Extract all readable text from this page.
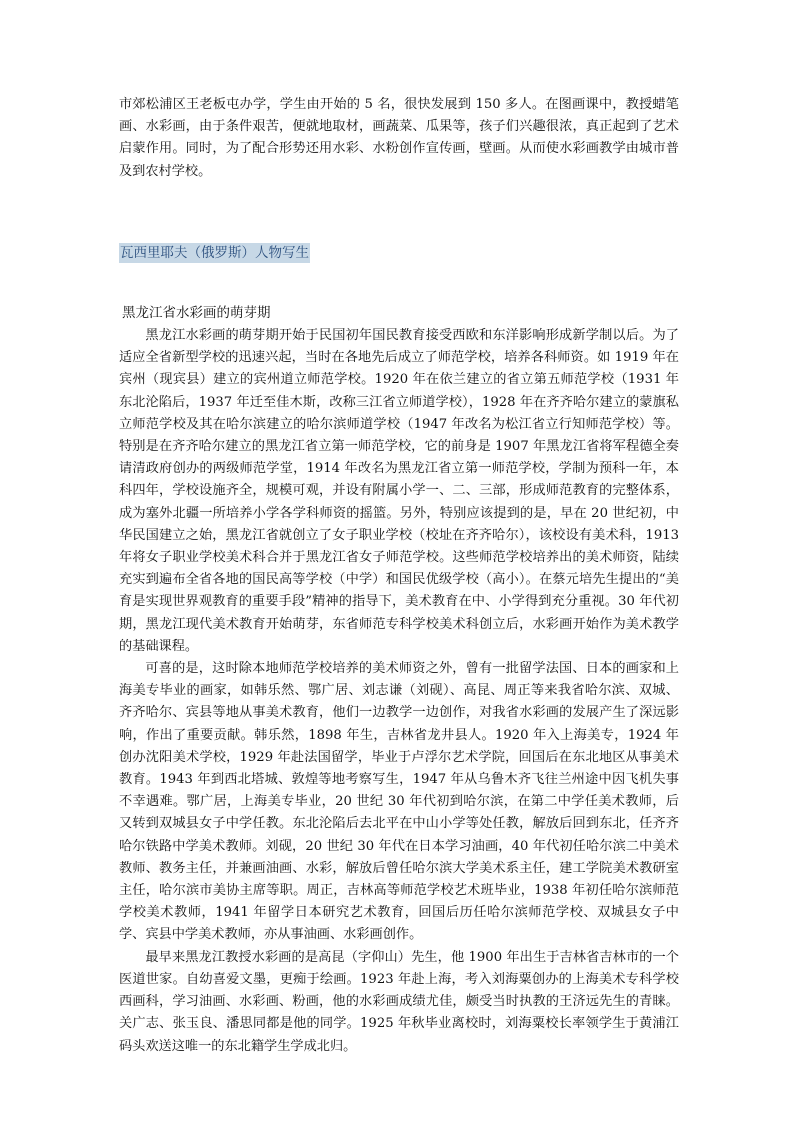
市郊松浦区王老板屯办学，学生由开始的 5 名，很快发展到 150 多人。在图画课中，教授蜡笔画、水彩画，由于条件艰苦，便就地取材，画蔬菜、瓜果等，孩子们兴趣很浓，真正起到了艺术启蒙作用。同时，为了配合形势还用水彩、水粉创作宣传画，壁画。从而使水彩画教学由城市普及到农村学校。

瓦西里耶夫（俄罗斯）人物写生
黑龙江省水彩画的萌芽期

黑龙江水彩画的萌芽期开始于民国初年国民教育接受西欧和东洋影响形成新学制以后。为了适应全省新型学校的迅速兴起，当时在各地先后成立了师范学校，培养各科师资。如 1919 年在宾州（现宾县）建立的宾州道立师范学校。1920 年在依兰建立的省立第五师范学校（1931 年东北沦陷后，1937 年迁至佳木斯，改称三江省立师道学校），1928 年在齐齐哈尔建立的蒙旗私立师范学校及其在哈尔滨建立的哈尔滨师道学校（1947 年改名为松江省立行知师范学校）等。特别是在齐齐哈尔建立的黑龙江省立第一师范学校，它的前身是 1907 年黑龙江省将军程德全奏请清政府创办的两级师范学堂，1914 年改名为黑龙江省立第一师范学校，学制为预科一年，本科四年，学校设施齐全，规模可观，并设有附属小学一、二、三部，形成师范教育的完整体系，成为塞外北疆一所培养小学各学科师资的摇篮。另外，特别应该提到的是，早在 20 世纪初，中华民国建立之始，黑龙江省就创立了女子职业学校（校址在齐齐哈尔），该校设有美术科，1913 年将女子职业学校美术科合并于黑龙江省女子师范学校。这些师范学校培养出的美术师资，陆续充实到遍布全省各地的国民高等学校（中学）和国民优级学校（高小）。在蔡元培先生提出的“美育是实现世界观教育的重要手段”精神的指导下，美术教育在中、小学得到充分重视。30 年代初期，黑龙江现代美术教育开始萌芽，东省师范专科学校美术科创立后，水彩画开始作为美术教学的基础课程。

可喜的是，这时除本地师范学校培养的美术师资之外，曾有一批留学法国、日本的画家和上海美专毕业的画家，如韩乐然、鄂广居、刘志谦（刘砚）、高昆、周正等来我省哈尔滨、双城、齐齐哈尔、宾县等地从事美术教育，他们一边教学一边创作，对我省水彩画的发展产生了深远影响，作出了重要贡献。韩乐然，1898 年生，吉林省龙井县人。1920 年入上海美专，1924 年创办沈阳美术学校，1929 年赴法国留学，毕业于卢浮尔艺术学院，回国后在东北地区从事美术教育。1943 年到西北塔城、敦煌等地考察写生，1947 年从乌鲁木齐飞往兰州途中因飞机失事不幸遇难。鄂广居，上海美专毕业，20 世纪 30 年代初到哈尔滨，在第二中学任美术教师，后又转到双城县女子中学任教。东北沦陷后去北平在中山小学等处任教，解放后回到东北，任齐齐哈尔铁路中学美术教师。刘砚，20 世纪 30 年代在日本学习油画，40 年代初任哈尔滨二中美术教师、教务主任，并兼画油画、水彩，解放后曾任哈尔滨大学美术系主任，建工学院美术教研室主任，哈尔滨市美协主席等职。周正，吉林高等师范学校艺术班毕业，1938 年初任哈尔滨师范学校美术教师，1941 年留学日本研究艺术教育，回国后历任哈尔滨师范学校、双城县女子中学、宾县中学美术教师，亦从事油画、水彩画创作。

最早来黑龙江教授水彩画的是高昆（字仰山）先生，他 1900 年出生于吉林省吉林市的一个医道世家。自幼喜爱文墨，更痴于绘画。1923 年赴上海，考入刘海粟创办的上海美术专科学校西画科，学习油画、水彩画、粉画，他的水彩画成绩尤佳，颇受当时执教的王济远先生的青睐。关广志、张玉良、潘思同都是他的同学。1925 年秋毕业离校时，刘海粟校长率领学生于黄浦江码头欢送这唯一的东北籍学生学成北归。
